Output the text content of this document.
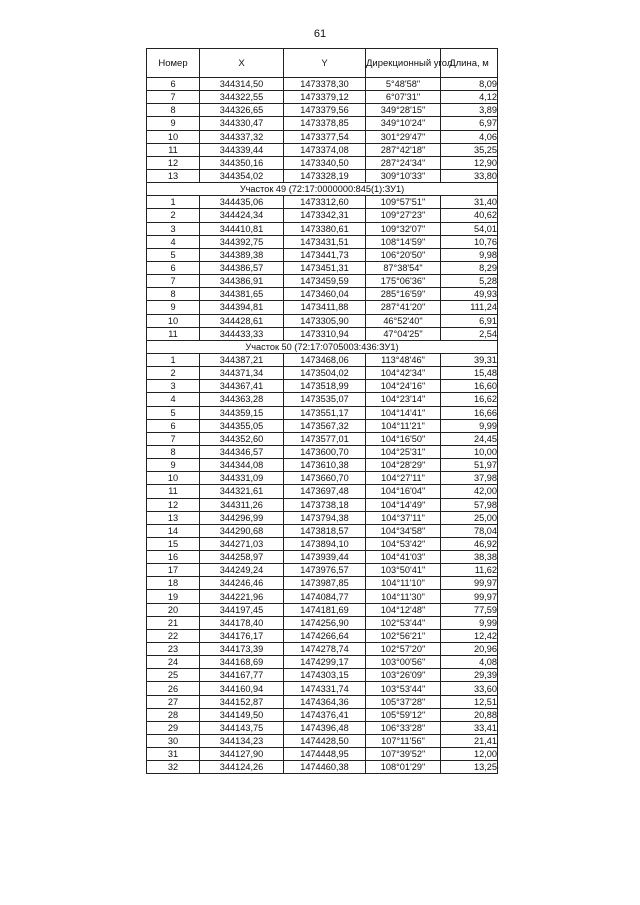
61
Номер	X	Y	Дирекционный угол	Длина, м
6	344314,50	1473378,30	5°48'58"	8,09
7	344322,55	1473379,12	6°07'31"	4,12
8	344326,65	1473379,56	349°28'15"	3,89
9	344330,47	1473378,85	349°10'24"	6,97
10	344337,32	1473377,54	301°29'47"	4,06
11	344339,44	1473374,08	287°42'18"	35,25
12	344350,16	1473340,50	287°24'34"	12,90
13	344354,02	1473328,19	309°10'33"	33,80
Участок 49 (72:17:0000000:845(1):ЗУ1)				
1	344435,06	1473312,60	109°57'51"	31,40
2	344424,34	1473342,31	109°27'23"	40,62
3	344410,81	1473380,61	109°32'07"	54,01
4	344392,75	1473431,51	108°14'59"	10,76
5	344389,38	1473441,73	106°20'50"	9,98
6	344386,57	1473451,31	87°38'54"	8,29
7	344386,91	1473459,59	175°06'36"	5,28
8	344381,65	1473460,04	285°16'59"	49,93
9	344394,81	1473411,88	287°41'20"	111,24
10	344428,61	1473305,90	46°52'40"	6,91
11	344433,33	1473310,94	47°04'25"	2,54
Участок 50 (72:17:0705003:436:ЗУ1)				
1	344387,21	1473468,06	113°48'46"	39,31
2	344371,34	1473504,02	104°42'34"	15,48
3	344367,41	1473518,99	104°24'16"	16,60
4	344363,28	1473535,07	104°23'14"	16,62
5	344359,15	1473551,17	104°14'41"	16,66
6	344355,05	1473567,32	104°11'21"	9,99
7	344352,60	1473577,01	104°16'50"	24,45
8	344346,57	1473600,70	104°25'31"	10,00
9	344344,08	1473610,38	104°28'29"	51,97
10	344331,09	1473660,70	104°27'11"	37,98
11	344321,61	1473697,48	104°16'04"	42,00
12	344311,26	1473738,18	104°14'49"	57,98
13	344296,99	1473794,38	104°37'11"	25,00
14	344290,68	1473818,57	104°34'58"	78,04
15	344271,03	1473894,10	104°53'42"	46,92
16	344258,97	1473939,44	104°41'03"	38,38
17	344249,24	1473976,57	103°50'41"	11,62
18	344246,46	1473987,85	104°11'10"	99,97
19	344221,96	1474084,77	104°11'30"	99,97
20	344197,45	1474181,69	104°12'48"	77,59
21	344178,40	1474256,90	102°53'44"	9,99
22	344176,17	1474266,64	102°56'21"	12,42
23	344173,39	1474278,74	102°57'20"	20,96
24	344168,69	1474299,17	103°00'56"	4,08
25	344167,77	1474303,15	103°26'09"	29,39
26	344160,94	1474331,74	103°53'44"	33,60
27	344152,87	1474364,36	105°37'28"	12,51
28	344149,50	1474376,41	105°59'12"	20,88
29	344143,75	1474396,48	106°33'28"	33,41
30	344134,23	1474428,50	107°11'56"	21,41
31	344127,90	1474448,95	107°39'52"	12,00
32	344124,26	1474460,38	108°01'29"	13,25
